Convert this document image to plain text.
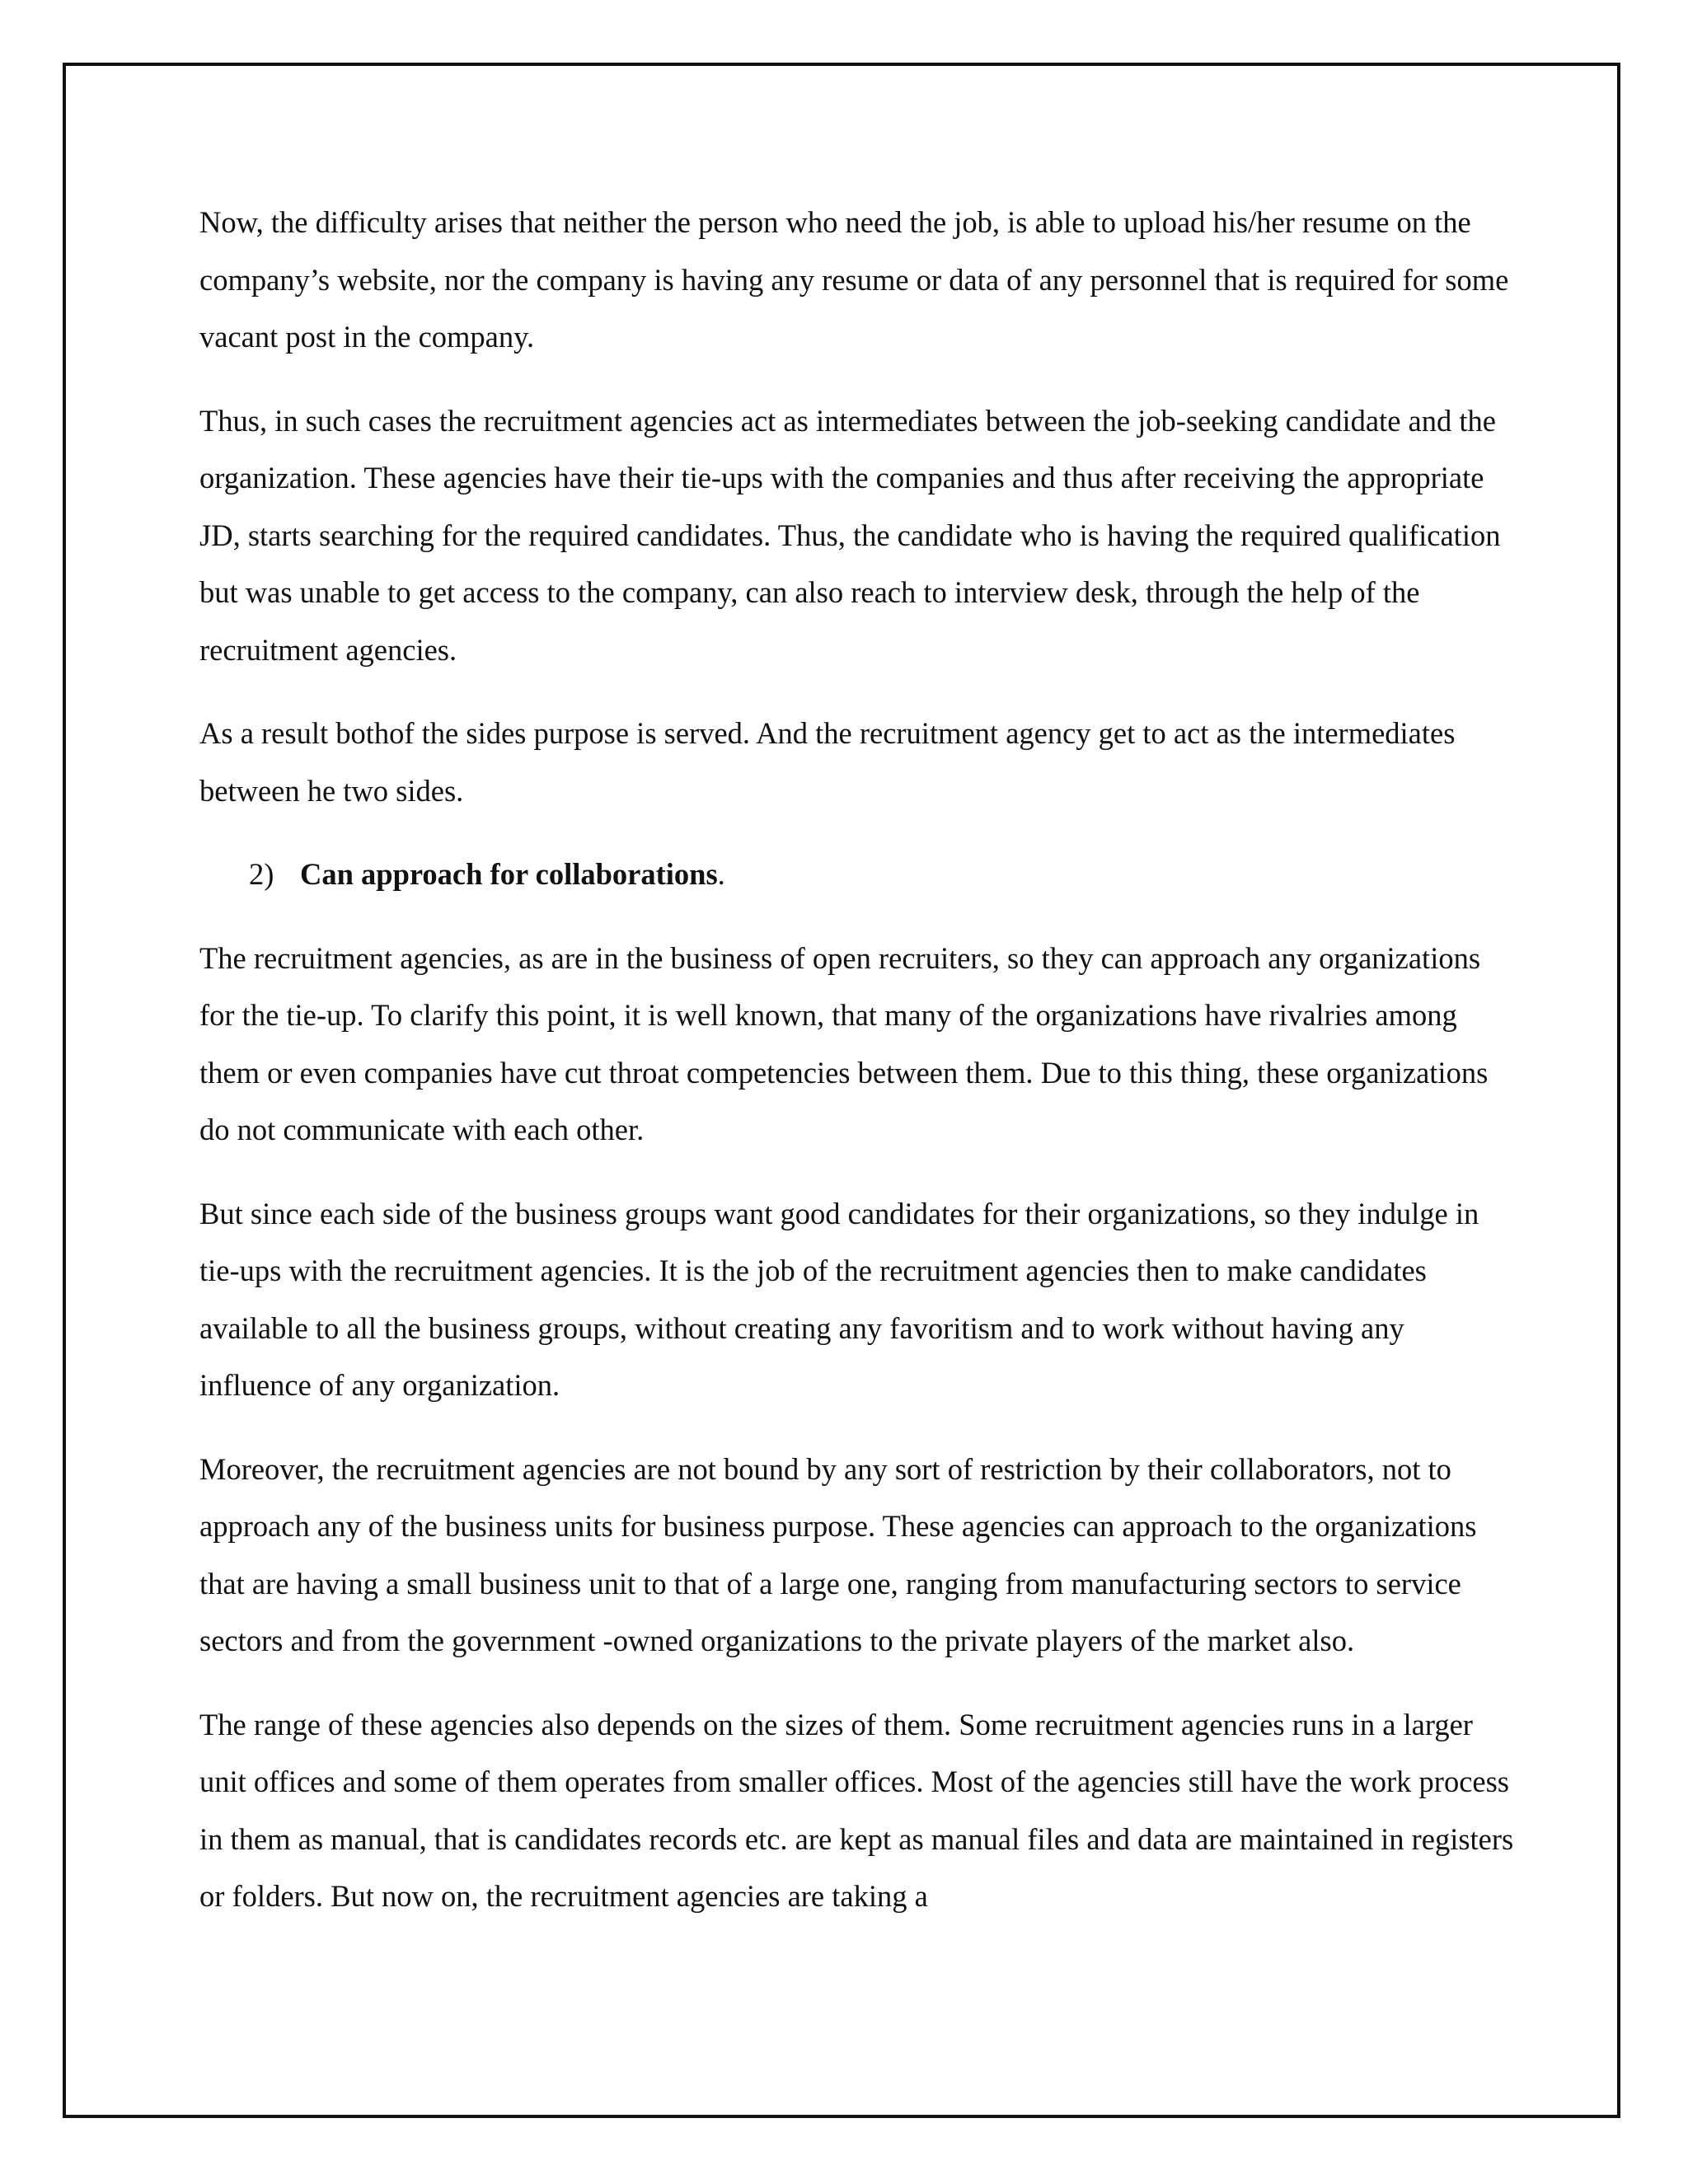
Now, the difficulty arises that neither the person who need the job, is able to upload his/her resume on the company’s website, nor the company is having any resume or data of any personnel that is required for some vacant post in the company.

Thus, in such cases the recruitment agencies act as intermediates between the job-seeking candidate and the organization. These agencies have their tie-ups with the companies and thus after receiving the appropriate JD, starts searching for the required candidates. Thus, the candidate who is having the required qualification but was unable to get access to the company, can also reach to interview desk, through the help of the recruitment agencies.

As a result bothof the sides purpose is served. And the recruitment agency get to act as the intermediates between he two sides.

2) Can approach for collaborations.

The recruitment agencies, as are in the business of open recruiters, so they can approach any organizations for the tie-up. To clarify this point, it is well known, that many of the organizations have rivalries among them or even companies have cut throat competencies between them. Due to this thing, these organizations do not communicate with each other.

But since each side of the business groups want good candidates for their organizations, so they indulge in tie-ups with the recruitment agencies. It is the job of the recruitment agencies then to make candidates available to all the business groups, without creating any favoritism and to work without having any influence of any organization.

Moreover, the recruitment agencies are not bound by any sort of restriction by their collaborators, not to approach any of the business units for business purpose. These agencies can approach to the organizations that are having a small business unit to that of a large one, ranging from manufacturing sectors to service sectors and from the government -owned organizations to the private players of the market also.

The range of these agencies also depends on the sizes of them. Some recruitment agencies runs in a larger unit offices and some of them operates from smaller offices. Most of the agencies still have the work process in them as manual, that is candidates records etc. are kept as manual files and data are maintained in registers or folders. But now on, the recruitment agencies are taking a
